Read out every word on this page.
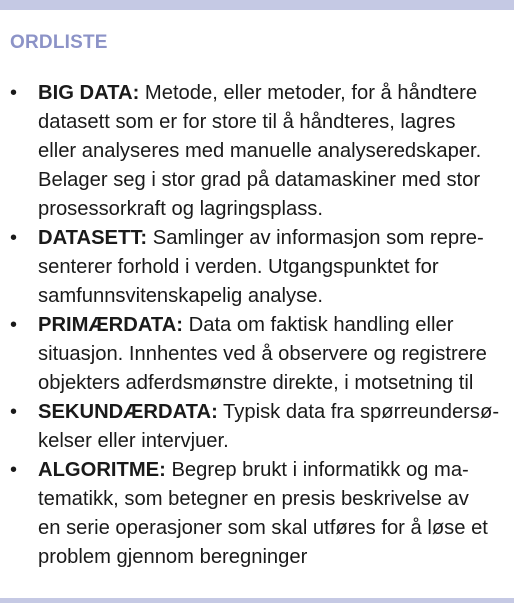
ORDLISTE
• BIG DATA: Metode, eller metoder, for å håndtere
datasett som er for store til å håndteres, lagres
eller analyseres med manuelle analyseredskaper.
Belager seg i stor grad på datamaskiner med stor
prosessorkraft og lagringsplass.
• DATASETT: Samlinger av informasjon som repre-
senterer forhold i verden. Utgangspunktet for
samfunnsvitenskapelig analyse.
• PRIMÆRDATA: Data om faktisk handling eller
situasjon. Innhentes ved å observere og registrere
objekters adferdsmønstre direkte, i motsetning til
• SEKUNDÆRDATA: Typisk data fra spørreundersø-
kelser eller intervjuer.
• ALGORITME: Begrep brukt i informatikk og ma-
tematikk, som betegner en presis beskrivelse av
en serie operasjoner som skal utføres for å løse et
problem gjennom beregninger
